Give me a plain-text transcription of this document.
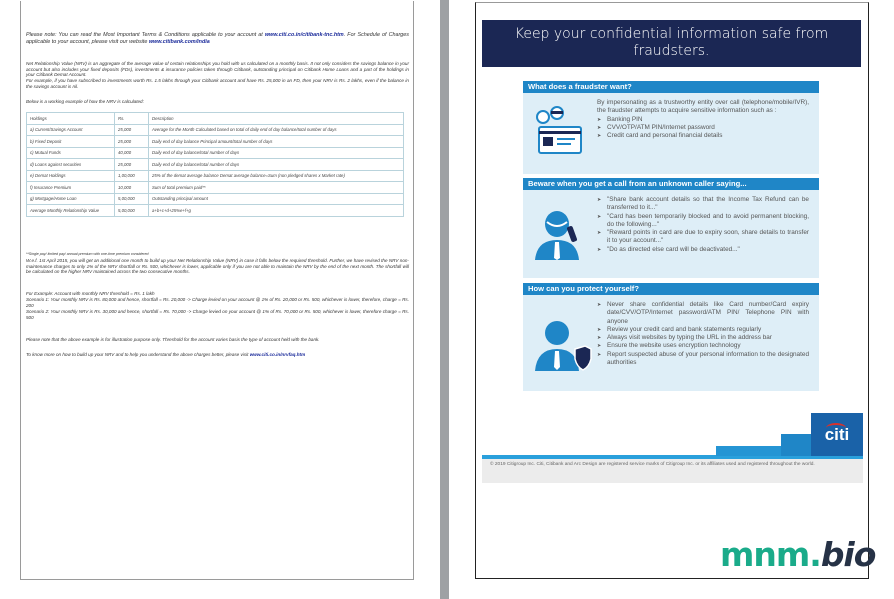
Please note: You can read the Most Important Terms & Conditions applicable to your account at www.citi.co.in/citibank-tnc.htm. For Schedule of Charges applicable to your account, please visit our website www.citibank.com/india

Net Relationship Value (NRV) is an aggregate of the average value of certain relationships you hold with us calculated on a monthly basis. It not only considers the savings balance in your account but also includes your fixed deposits (FDs), investments & insurance policies taken through Citibank, outstanding principal on Citibank Home Loans and a part of the holdings in your Citibank Demat Account.

For example, if you have subscribed to investments worth Rs. 1.5 lakhs through your Citibank account and have Rs. 25,000 in an FD, then your NRV is Rs. 2 lakhs, even if the balance in the savings account is nil.

Below is a working example of how the NRV is calculated:

Holdings	Rs.	Description
a) Current/Savings Account	25,000	Average for the Month Calculated based on total of daily end of day balance/total number of days
b) Fixed Deposit	25,000	Daily end of day balance Principal amount/total number of days
c) Mutual Funds	40,000	Daily end of day balance/total number of days
d) Loans against securities	25,000	Daily end of day balance/total number of days
e) Demat Holdings	1,00,000	25% of the demat average balance Demat average balance=Sum (non pledged shares x Market rate)
f) Insurance Premium	10,000	Sum of total premium paid**
g) Mortgage/Home Loan	5,00,000	Outstanding principal amount
Average Monthly Relationship Value	5,00,000	a+b+c+d+25%e+f+g

**Single pay/ limited pay/ annual premium with one-time premium considered

W.e.f. 1st April 2015, you will get an additional one month to build up your Net Relationship Value (NRV) in case it falls below the required threshold. Further, we have revised the NRV non-maintenance charges to only 1% of the NRV shortfall or Rs. 500, whichever is lower, applicable only if you are not able to maintain the NRV by the end of the next month. The shortfall will be calculated on the higher NRV maintained across the two consecutive months.

For Example: Account with monthly NRV threshold = Rs. 1 lakh

Scenario 1: Your monthly NRV is Rs. 80,000 and hence, shortfall = Rs. 20,000 -> Charge levied on your account @ 1% of Rs. 20,000 or Rs. 500, whichever is lower, therefore, charge = Rs. 200

Scenario 2: Your monthly NRV is Rs. 30,000 and hence, shortfall = Rs. 70,000 -> Charge levied on your account @ 1% of Rs. 70,000 or Rs. 500, whichever is lower, therefore charge = Rs. 500

Please note that the above example is for illustration purpose only. Threshold for the account varies basis the type of account held with the bank.

To know more on how to build up your NRV and to help you understand the above charges better, please visit www.citi.co.in/nrvfaq.htm

Keep your confidential information safe from fraudsters.
What does a fraudster want?

By impersonating as a trustworthy entity over call (telephone/mobile/IVR), the fraudster attempts to acquire sensitive information such as :

➤ Banking PIN
➤ CVV/OTP/ATM PIN/Internet password
➤ Credit card and personal financial details
Beware when you get a call from an unknown caller saying...
➤ "Share bank account details so that the Income Tax Refund can be transferred to it..."
➤ "Card has been temporarily blocked and to avoid permanent blocking, do the following..."
➤ "Reward points in card are due to expiry soon, share details to transfer it to your account..."
➤ "Do as directed else card will be deactivated..."
How can you protect yourself?
➤ Never share confidential details like Card number/Card expiry date/CVV/OTP/Internet password/ATM PIN/ Telephone PIN with anyone
➤ Review your credit card and bank statements regularly
➤ Always visit websites by typing the URL in the address bar
➤ Ensure the website uses encryption technology
➤ Report suspected abuse of your personal information to the designated authorities
citi
© 2019 Citigroup Inc. Citi, Citibank and Arc Design are registered service marks of Citigroup Inc. or its affiliates used and registered throughout the world.
mnm.bio
